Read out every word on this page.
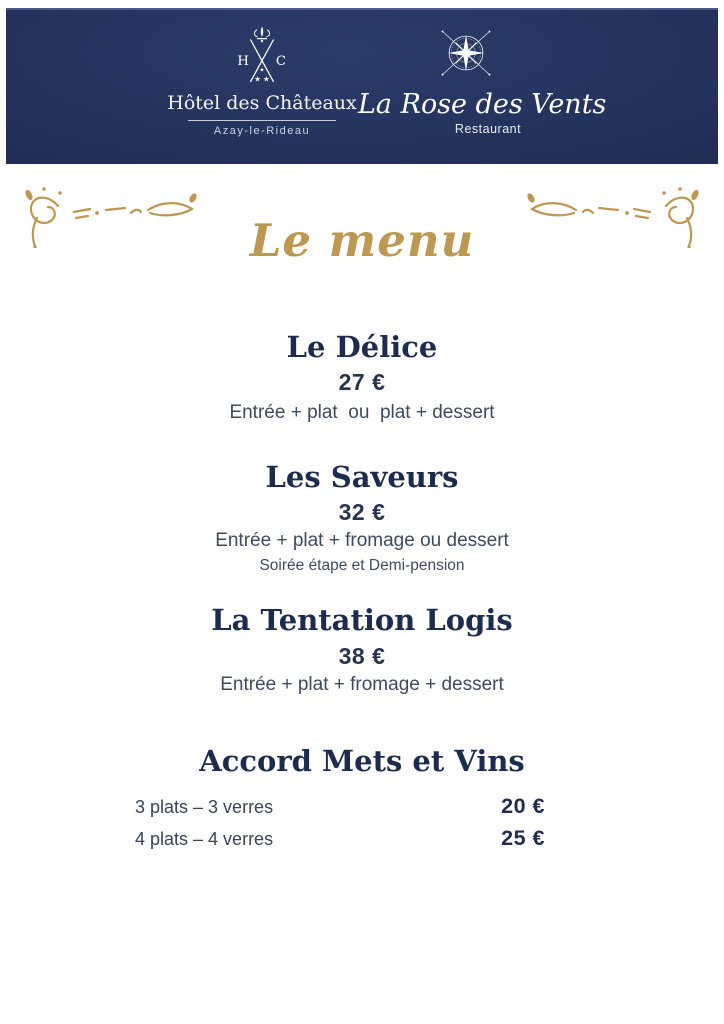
H C
★
★ ★
Hôtel des Châteaux
Azay-le-Rideau
La Rose des Vents
Restaurant
Le menu
Le Délice
27 €
Entrée + plat  ou  plat + dessert
Les Saveurs
32 €
Entrée + plat + fromage ou dessert
Soirée étape et Demi-pension
La Tentation Logis
38 €
Entrée + plat + fromage + dessert
Accord Mets et Vins
3 plats – 3 verres	20 €
4 plats – 4 verres	25 €
